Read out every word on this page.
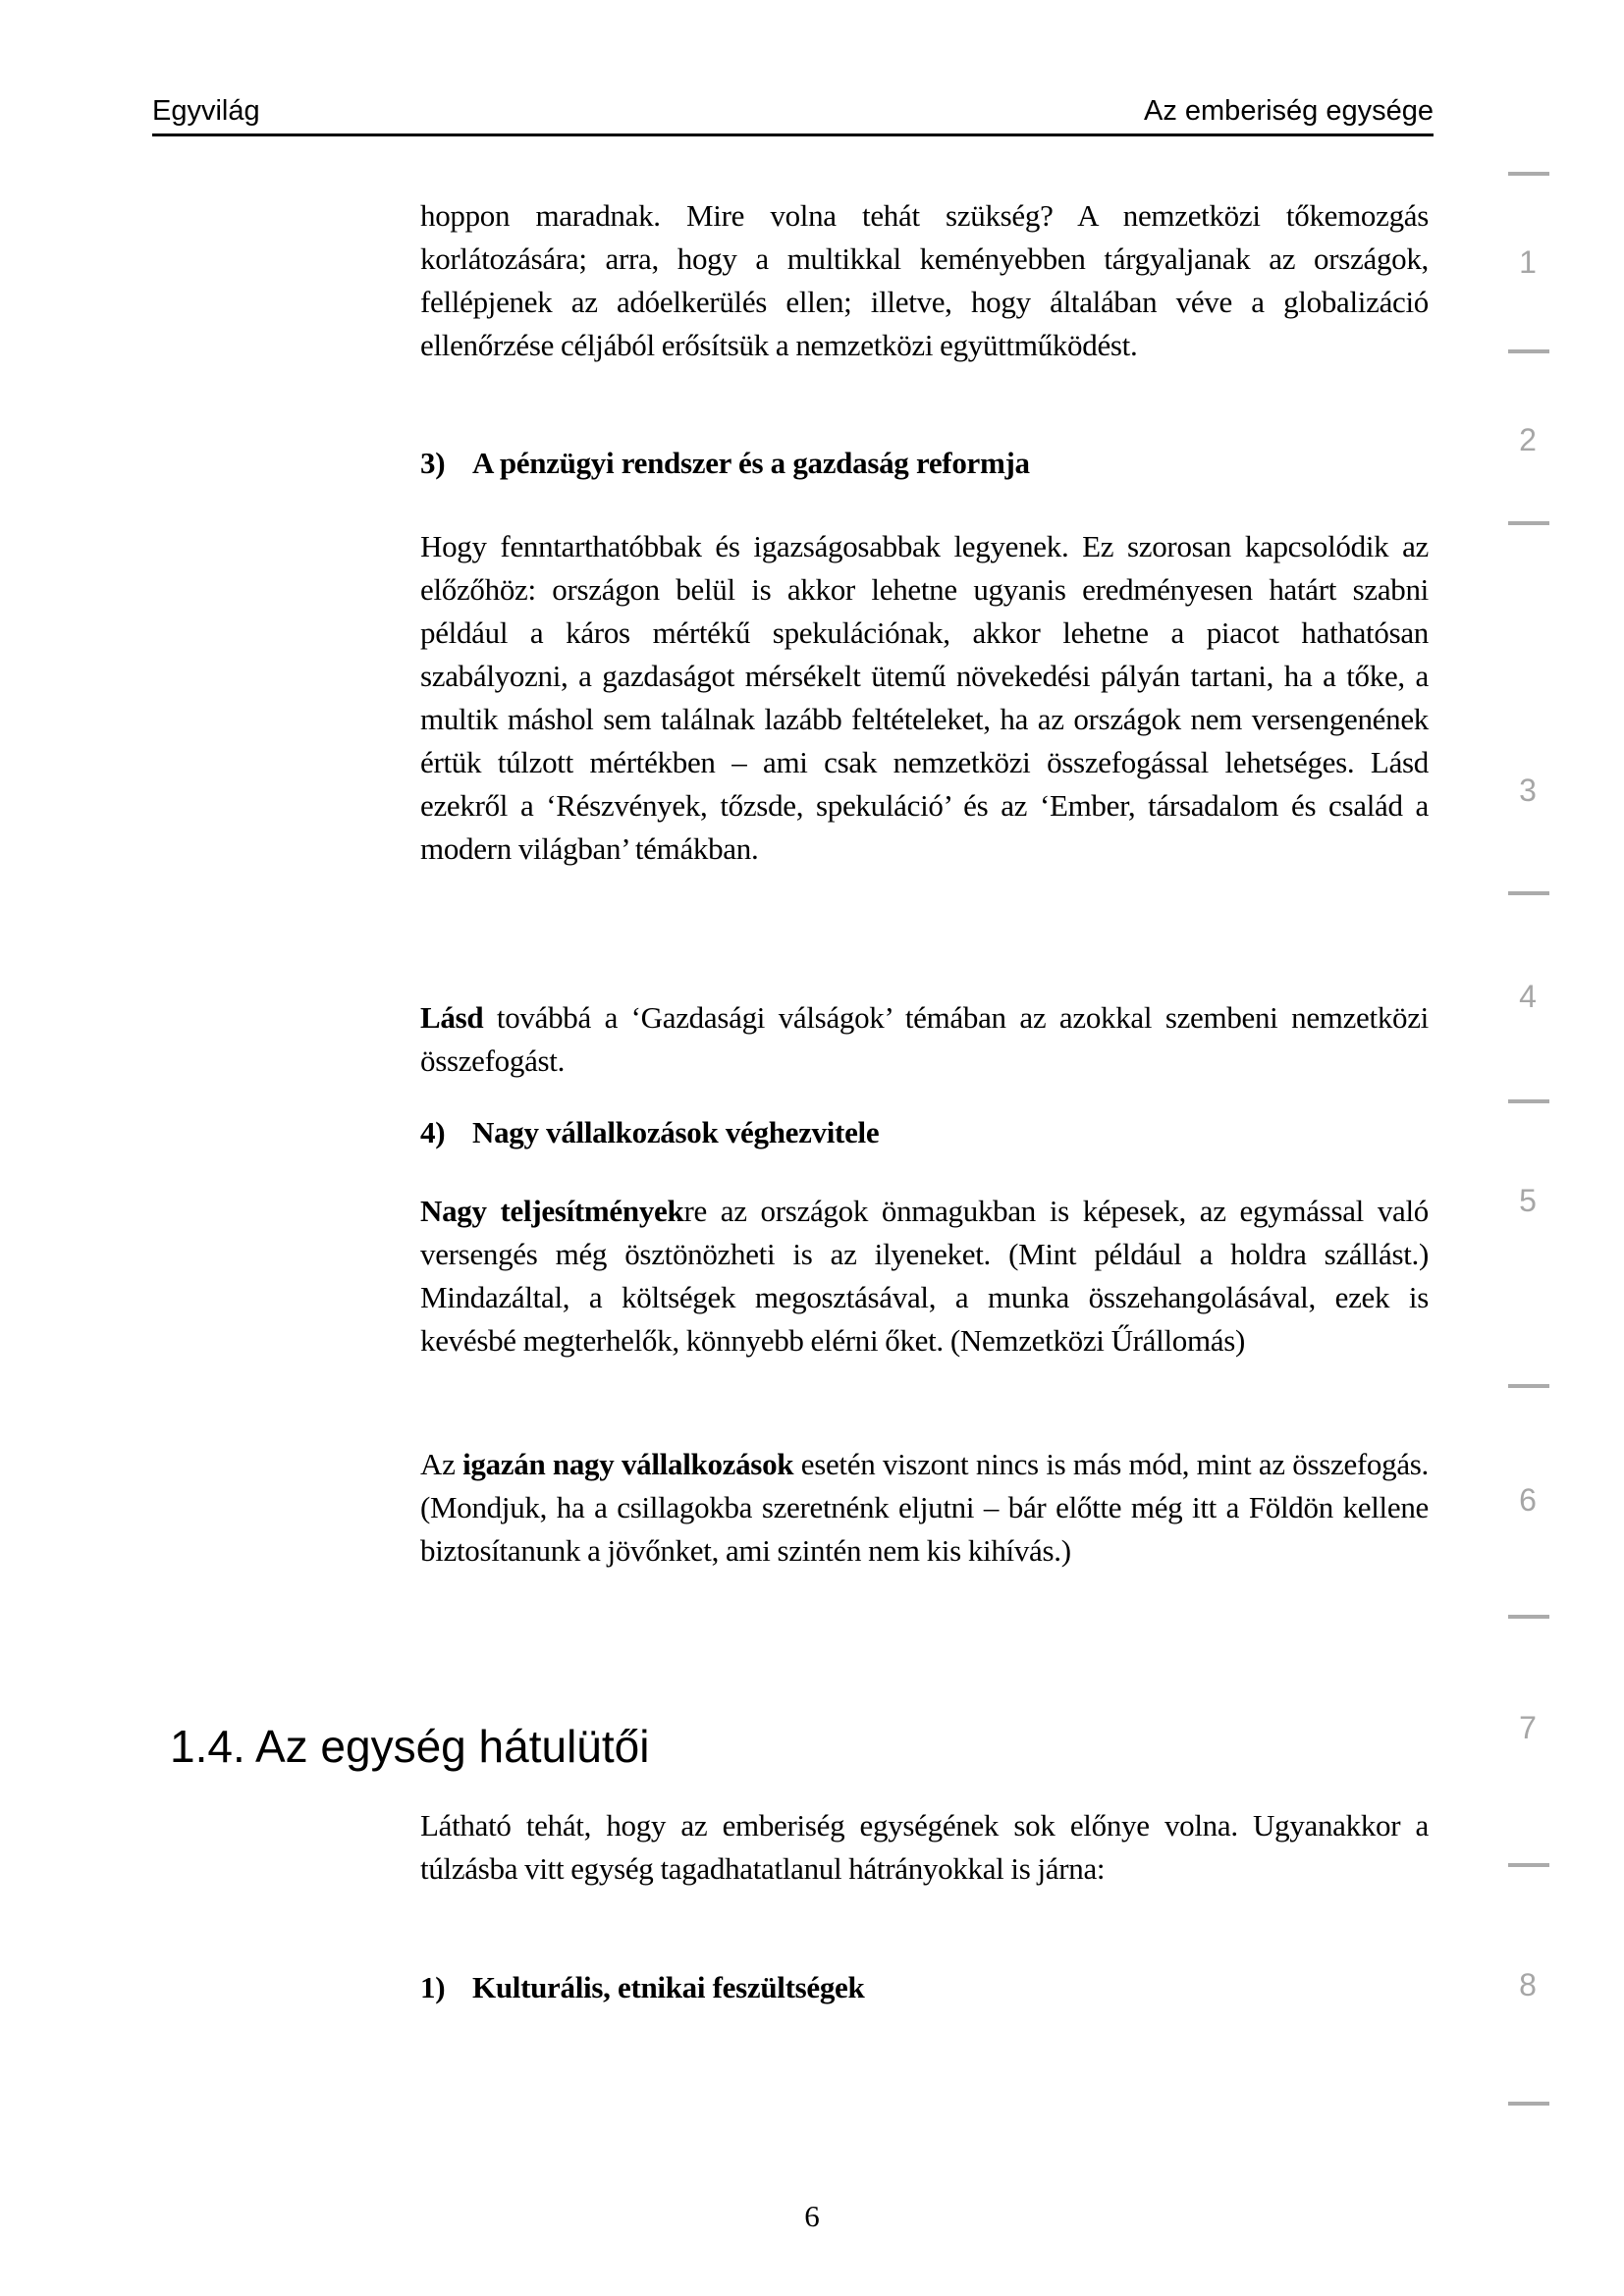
Egyvilág	Az emberiség egysége

hoppon maradnak. Mire volna tehát szükség? A nemzetközi tőkemozgás korlátozására; arra, hogy a multikkal keményebben tárgyaljanak az országok, fellépjenek az adóelkerülés ellen; illetve, hogy általában véve a globalizáció ellenőrzése céljából erősítsük a nemzetközi együttműködést.

3) A pénzügyi rendszer és a gazdaság reformja

Hogy fenntarthatóbbak és igazságosabbak legyenek. Ez szorosan kapcsolódik az előzőhöz: országon belül is akkor lehetne ugyanis eredményesen határt szabni például a káros mértékű spekulációnak, akkor lehetne a piacot hathatósan szabályozni, a gazdaságot mérsékelt ütemű növekedési pályán tartani, ha a tőke, a multik máshol sem találnak lazább feltételeket, ha az országok nem versengenének értük túlzott mértékben – ami csak nemzetközi összefogással lehetséges. Lásd ezekről a ‘Részvények, tőzsde, spekuláció’ és az ‘Ember, társadalom és család a modern világban’ témákban.

Lásd továbbá a ‘Gazdasági válságok’ témában az azokkal szembeni nemzetközi összefogást.

4) Nagy vállalkozások véghezvitele

Nagy teljesítményekre az országok önmagukban is képesek, az egymással való versengés még ösztönözheti is az ilyeneket. (Mint például a holdra szállást.) Mindazáltal, a költségek megosztásával, a munka összehangolásával, ezek is kevésbé megterhelők, könnyebb elérni őket. (Nemzetközi Űrállomás)

Az igazán nagy vállalkozások esetén viszont nincs is más mód, mint az összefogás. (Mondjuk, ha a csillagokba szeretnénk eljutni – bár előtte még itt a Földön kellene biztosítanunk a jövőnket, ami szintén nem kis kihívás.)

1.4. Az egység hátulütői

Látható tehát, hogy az emberiség egységének sok előnye volna. Ugyanakkor a túlzásba vitt egység tagadhatatlanul hátrányokkal is járna:

1) Kulturális, etnikai feszültségek
1
2
3
4
5
6
7
8
6
